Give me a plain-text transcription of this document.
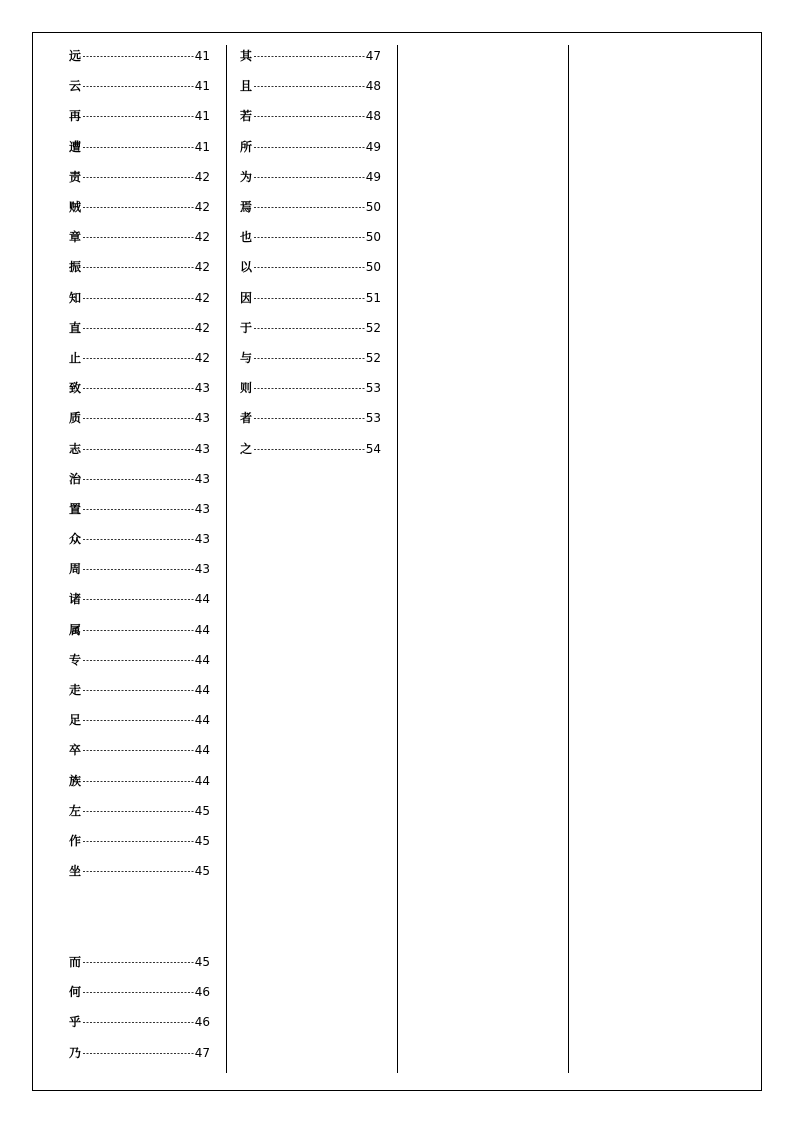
远	41
云	41
再	41
遭	41
责	42
贼	42
章	42
振	42
知	42
直	42
止	42
致	43
质	43
志	43
治	43
置	43
众	43
周	43
诸	44
属	44
专	44
走	44
足	44
卒	44
族	44
左	45
作	45
坐	45
而	45
何	46
乎	46
乃	47
其	47
且	48
若	48
所	49
为	49
焉	50
也	50
以	50
因	51
于	52
与	52
则	53
者	53
之	54
